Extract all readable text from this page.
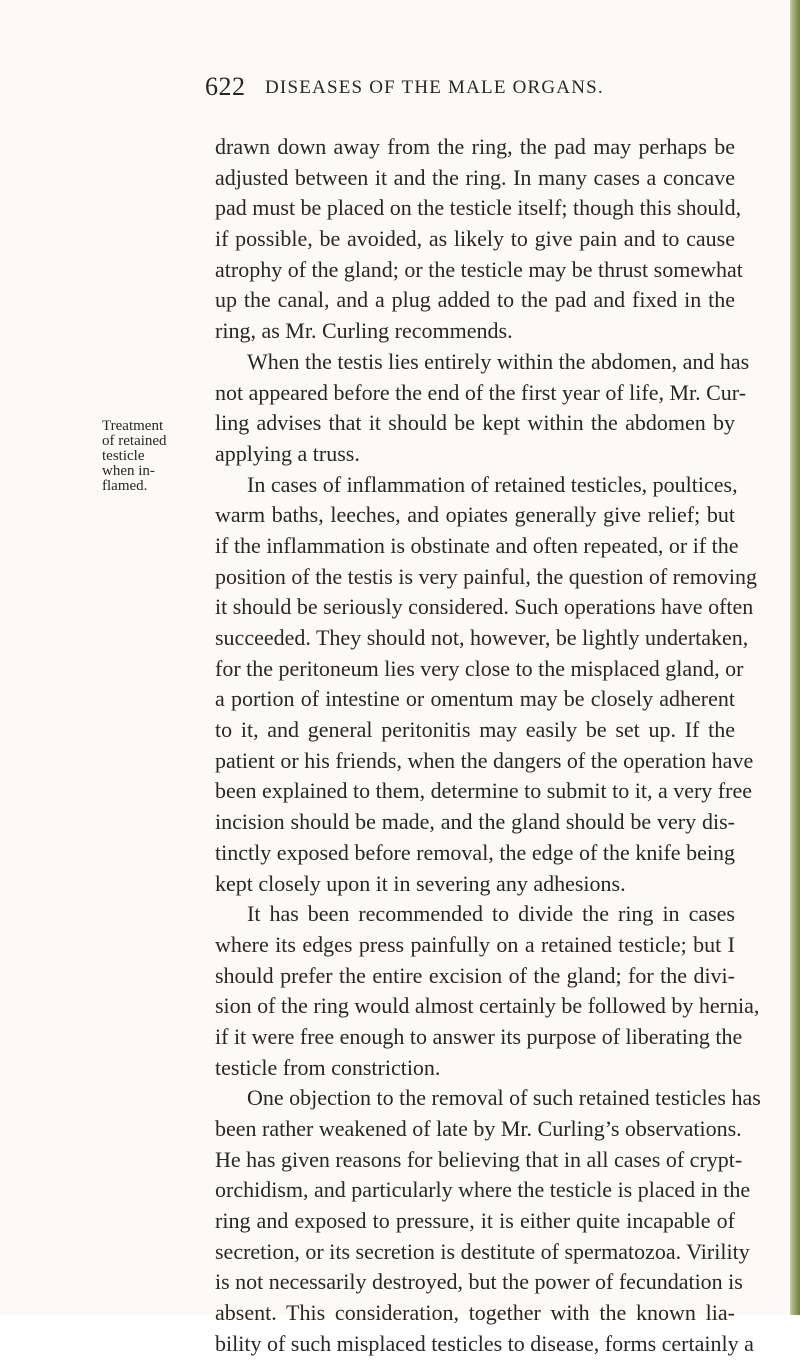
622 DISEASES OF THE MALE ORGANS.
Treatment
of retained
testicle
when in-
flamed.
drawn down away from the ring, the pad may perhaps be
adjusted between it and the ring. In many cases a concave
pad must be placed on the testicle itself; though this should,
if possible, be avoided, as likely to give pain and to cause
atrophy of the gland; or the testicle may be thrust somewhat
up the canal, and a plug added to the pad and fixed in the
ring, as Mr. Curling recommends.
When the testis lies entirely within the abdomen, and has
not appeared before the end of the first year of life, Mr. Cur-
ling advises that it should be kept within the abdomen by
applying a truss.
In cases of inflammation of retained testicles, poultices,
warm baths, leeches, and opiates generally give relief; but
if the inflammation is obstinate and often repeated, or if the
position of the testis is very painful, the question of removing
it should be seriously considered. Such operations have often
succeeded. They should not, however, be lightly undertaken,
for the peritoneum lies very close to the misplaced gland, or
a portion of intestine or omentum may be closely adherent
to it, and general peritonitis may easily be set up. If the
patient or his friends, when the dangers of the operation have
been explained to them, determine to submit to it, a very free
incision should be made, and the gland should be very dis-
tinctly exposed before removal, the edge of the knife being
kept closely upon it in severing any adhesions.
It has been recommended to divide the ring in cases
where its edges press painfully on a retained testicle; but I
should prefer the entire excision of the gland; for the divi-
sion of the ring would almost certainly be followed by hernia,
if it were free enough to answer its purpose of liberating the
testicle from constriction.
One objection to the removal of such retained testicles has
been rather weakened of late by Mr. Curling’s observations.
He has given reasons for believing that in all cases of crypt-
orchidism, and particularly where the testicle is placed in the
ring and exposed to pressure, it is either quite incapable of
secretion, or its secretion is destitute of spermatozoa. Virility
is not necessarily destroyed, but the power of fecundation is
absent. This consideration, together with the known lia-
bility of such misplaced testicles to disease, forms certainly a
